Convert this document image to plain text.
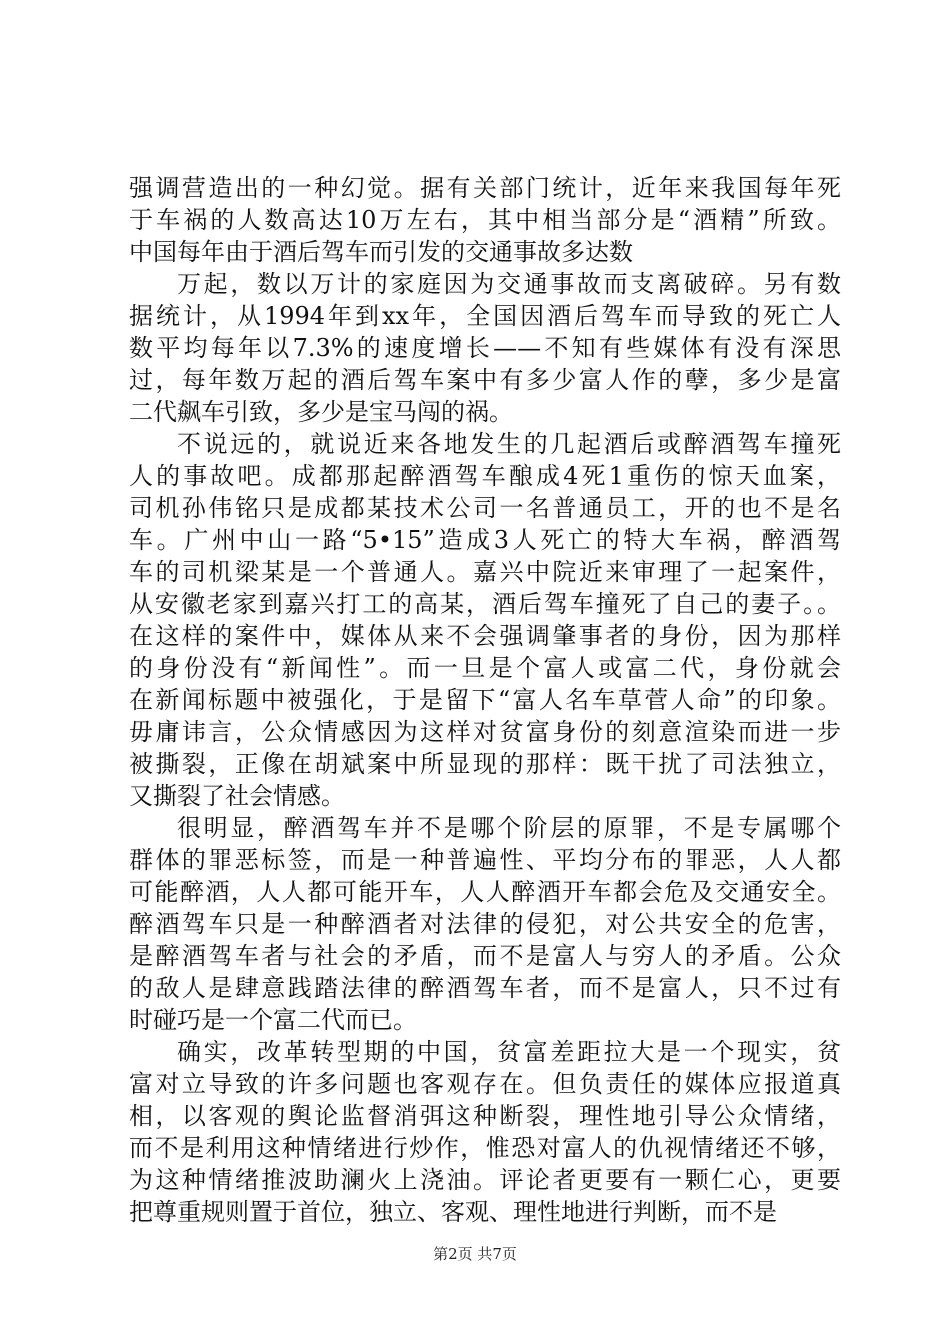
强调营造出的一种幻觉。据有关部门统计，近年来我国每年死
于车祸的人数高达10万左右，其中相当部分是“酒精”所致。
中国每年由于酒后驾车而引发的交通事故多达数
万起，数以万计的家庭因为交通事故而支离破碎。另有数
据统计，从1994年到xx年，全国因酒后驾车而导致的死亡人
数平均每年以7.3%的速度增长——不知有些媒体有没有深思
过，每年数万起的酒后驾车案中有多少富人作的孽，多少是富
二代飙车引致，多少是宝马闯的祸。
不说远的，就说近来各地发生的几起酒后或醉酒驾车撞死
人的事故吧。成都那起醉酒驾车酿成4死1重伤的惊天血案，
司机孙伟铭只是成都某技术公司一名普通员工，开的也不是名
车。广州中山一路“5•15”造成3人死亡的特大车祸，醉酒驾
车的司机梁某是一个普通人。嘉兴中院近来审理了一起案件，
从安徽老家到嘉兴打工的高某，酒后驾车撞死了自己的妻子。。
在这样的案件中，媒体从来不会强调肇事者的身份，因为那样
的身份没有“新闻性”。而一旦是个富人或富二代，身份就会
在新闻标题中被强化，于是留下“富人名车草菅人命”的印象。
毋庸讳言，公众情感因为这样对贫富身份的刻意渲染而进一步
被撕裂，正像在胡斌案中所显现的那样：既干扰了司法独立，
又撕裂了社会情感。
很明显，醉酒驾车并不是哪个阶层的原罪，不是专属哪个
群体的罪恶标签，而是一种普遍性、平均分布的罪恶，人人都
可能醉酒，人人都可能开车，人人醉酒开车都会危及交通安全。
醉酒驾车只是一种醉酒者对法律的侵犯，对公共安全的危害，
是醉酒驾车者与社会的矛盾，而不是富人与穷人的矛盾。公众
的敌人是肆意践踏法律的醉酒驾车者，而不是富人，只不过有
时碰巧是一个富二代而已。
确实，改革转型期的中国，贫富差距拉大是一个现实，贫
富对立导致的许多问题也客观存在。但负责任的媒体应报道真
相，以客观的舆论监督消弭这种断裂，理性地引导公众情绪，
而不是利用这种情绪进行炒作，惟恐对富人的仇视情绪还不够，
为这种情绪推波助澜火上浇油。评论者更要有一颗仁心，更要
把尊重规则置于首位，独立、客观、理性地进行判断，而不是
第2页 共7页
